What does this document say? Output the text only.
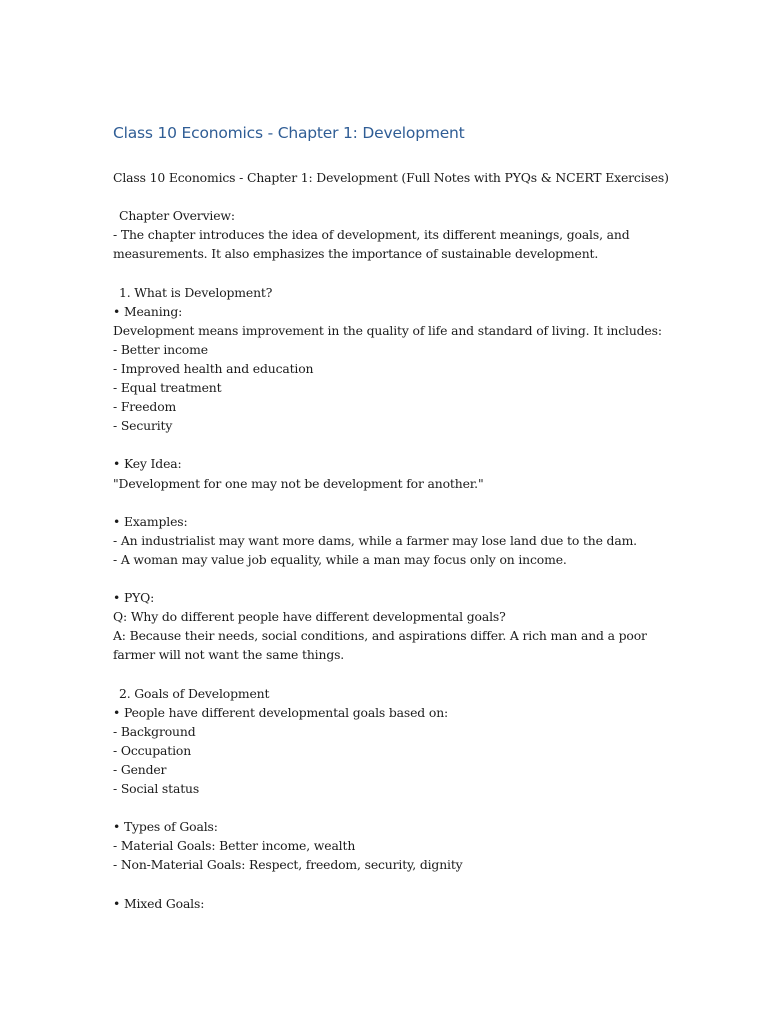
Class 10 Economics - Chapter 1: Development
Class 10 Economics - Chapter 1: Development (Full Notes with PYQs & NCERT Exercises)
Chapter Overview:
- The chapter introduces the idea of development, its different meanings, goals, and
measurements. It also emphasizes the importance of sustainable development.
1. What is Development?
• Meaning:
Development means improvement in the quality of life and standard of living. It includes:
- Better income
- Improved health and education
- Equal treatment
- Freedom
- Security
• Key Idea:
"Development for one may not be development for another."
• Examples:
- An industrialist may want more dams, while a farmer may lose land due to the dam.
- A woman may value job equality, while a man may focus only on income.
• PYQ:
Q: Why do different people have different developmental goals?
A: Because their needs, social conditions, and aspirations differ. A rich man and a poor
farmer will not want the same things.
2. Goals of Development
• People have different developmental goals based on:
- Background
- Occupation
- Gender
- Social status
• Types of Goals:
- Material Goals: Better income, wealth
- Non-Material Goals: Respect, freedom, security, dignity
• Mixed Goals:
